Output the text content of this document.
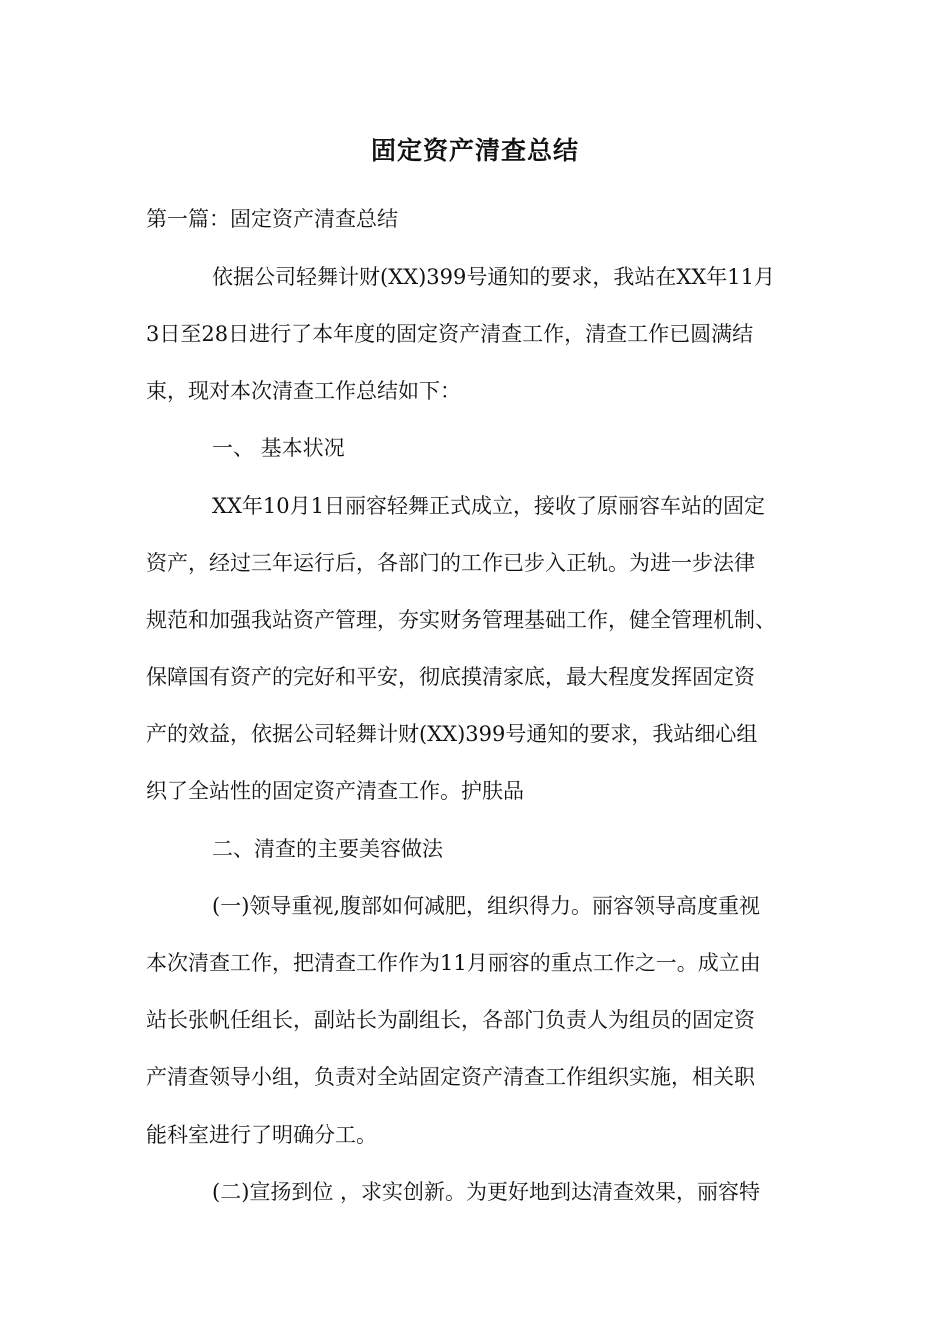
固定资产清查总结
第一篇：固定资产清查总结
依据公司轻舞计财(XX)399号通知的要求，我站在XX年11月
3日至28日进行了本年度的固定资产清查工作，清查工作已圆满结
束，现对本次清查工作总结如下：
一、 基本状况
XX年10月1日丽容轻舞正式成立，接收了原丽容车站的固定
资产，经过三年运行后，各部门的工作已步入正轨。为进一步法律
规范和加强我站资产管理，夯实财务管理基础工作，健全管理机制、
保障国有资产的完好和平安，彻底摸清家底，最大程度发挥固定资
产的效益，依据公司轻舞计财(XX)399号通知的要求，我站细心组
织了全站性的固定资产清查工作。护肤品
二、清查的主要美容做法
(一)领导重视,腹部如何减肥，组织得力。丽容领导高度重视
本次清查工作，把清查工作作为11月丽容的重点工作之一。成立由
站长张帆任组长，副站长为副组长，各部门负责人为组员的固定资
产清查领导小组，负责对全站固定资产清查工作组织实施，相关职
能科室进行了明确分工。
(二)宣扬到位 ，求实创新。为更好地到达清查效果，丽容特
